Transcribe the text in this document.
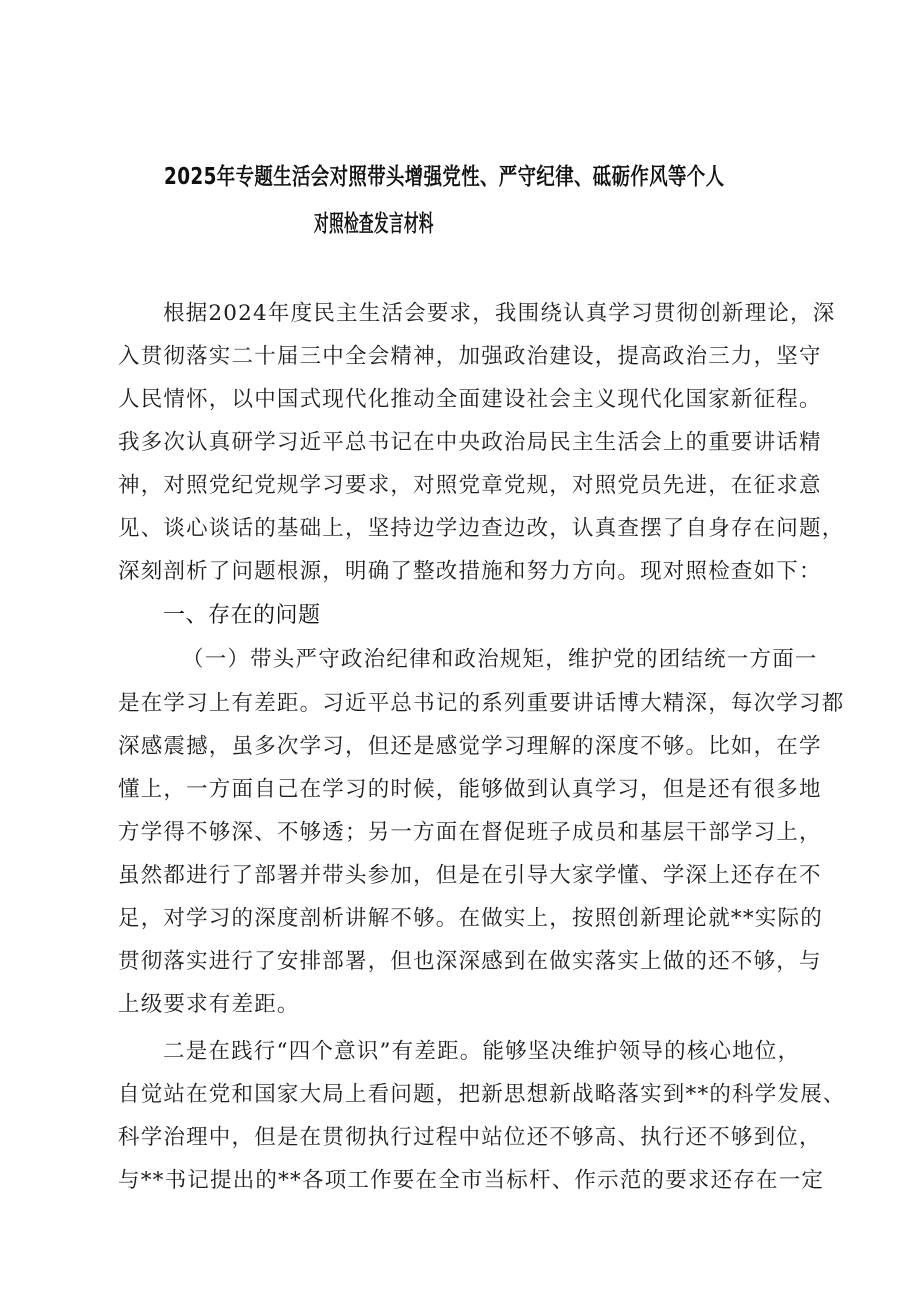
2025年专题生活会对照带头增强党性、严守纪律、砥砺作风等个人
对照检查发言材料
根据2024年度民主生活会要求，我围绕认真学习贯彻创新理论，深
入贯彻落实二十届三中全会精神，加强政治建设，提高政治三力，坚守
人民情怀，以中国式现代化推动全面建设社会主义现代化国家新征程。
我多次认真研学习近平总书记在中央政治局民主生活会上的重要讲话精
神，对照党纪党规学习要求，对照党章党规，对照党员先进，在征求意
见、谈心谈话的基础上，坚持边学边查边改，认真查摆了自身存在问题，
深刻剖析了问题根源，明确了整改措施和努力方向。现对照检查如下：
一、存在的问题
（一）带头严守政治纪律和政治规矩，维护党的团结统一方面一
是在学习上有差距。习近平总书记的系列重要讲话博大精深，每次学习都
深感震撼，虽多次学习，但还是感觉学习理解的深度不够。比如，在学
懂上，一方面自己在学习的时候，能够做到认真学习，但是还有很多地
方学得不够深、不够透；另一方面在督促班子成员和基层干部学习上，
虽然都进行了部署并带头参加，但是在引导大家学懂、学深上还存在不
足，对学习的深度剖析讲解不够。在做实上，按照创新理论就**实际的
贯彻落实进行了安排部署，但也深深感到在做实落实上做的还不够，与
上级要求有差距。
二是在践行“四个意识”有差距。能够坚决维护领导的核心地位，
自觉站在党和国家大局上看问题，把新思想新战略落实到**的科学发展、
科学治理中，但是在贯彻执行过程中站位还不够高、执行还不够到位，
与**书记提出的**各项工作要在全市当标杆、作示范的要求还存在一定
